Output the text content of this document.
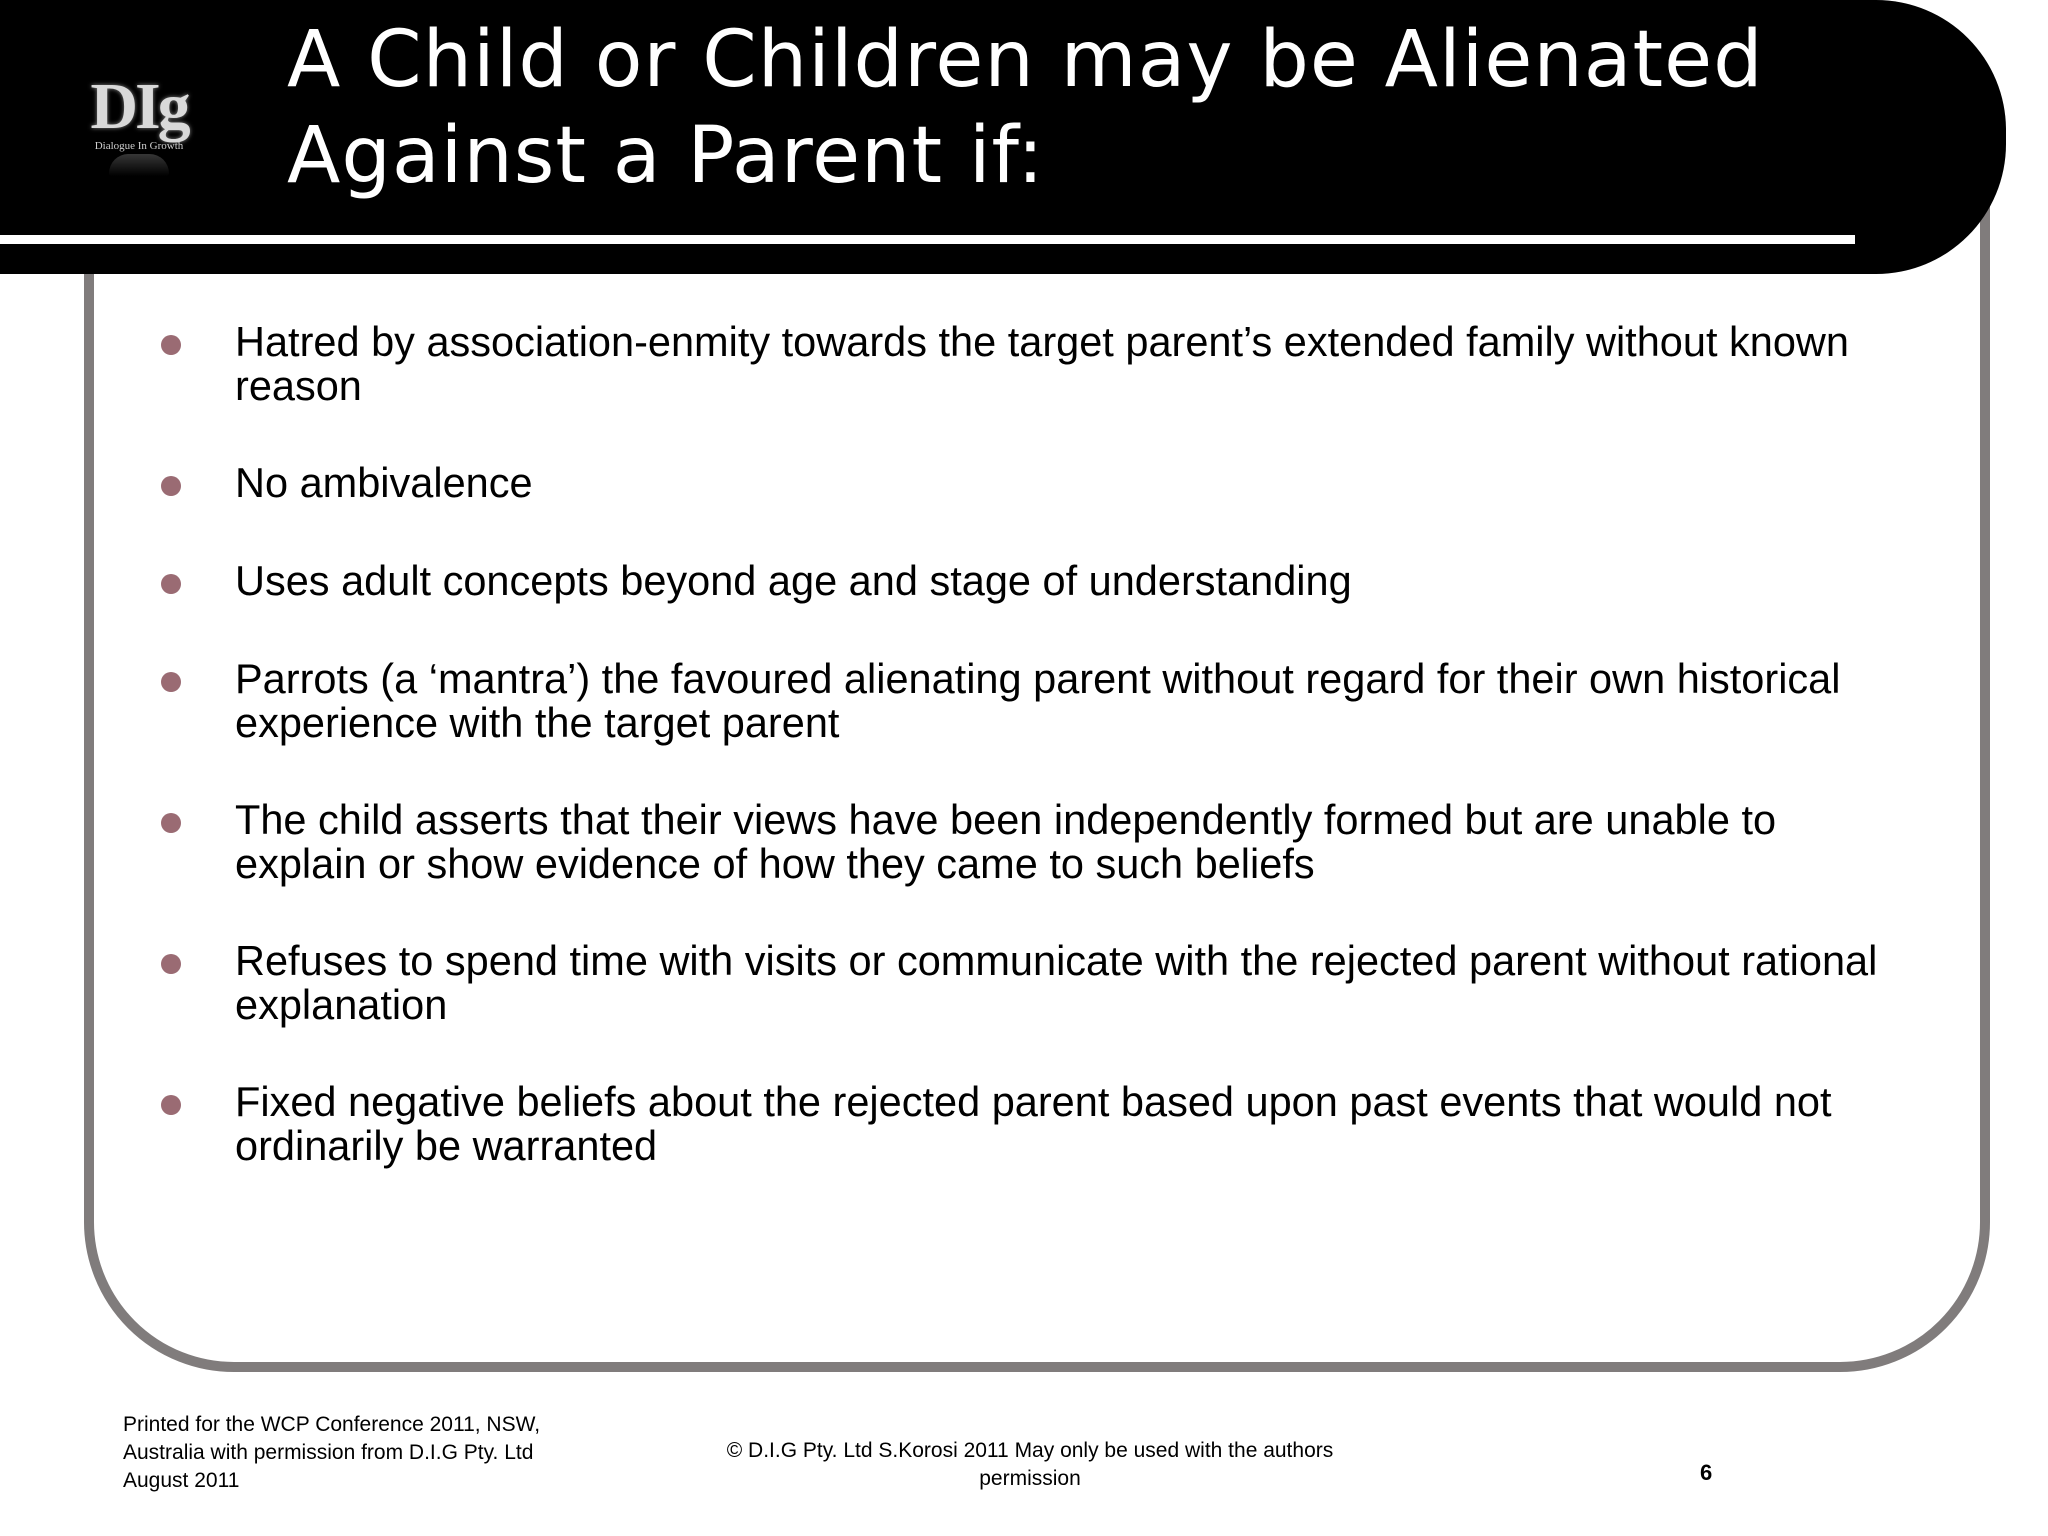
DIg
Dialogue In Growth
A Child or Children may be Alienated Against a Parent if:
Hatred by association-enmity towards the target parent’s extended family without known reason
No ambivalence
Uses adult concepts beyond age and stage of understanding
Parrots (a ‘mantra’) the favoured alienating parent without regard for their own historical experience with the target parent
The child asserts that their views have been independently formed but are unable to explain or show evidence of how they came to such beliefs
Refuses to spend time with visits or communicate with the rejected parent without rational explanation
Fixed negative beliefs about the rejected parent based upon past events that would not ordinarily be warranted
Printed for the WCP Conference 2011, NSW, Australia with permission from D.I.G Pty. Ltd August 2011
© D.I.G Pty. Ltd S.Korosi 2011 May only be used with the authors permission	6
